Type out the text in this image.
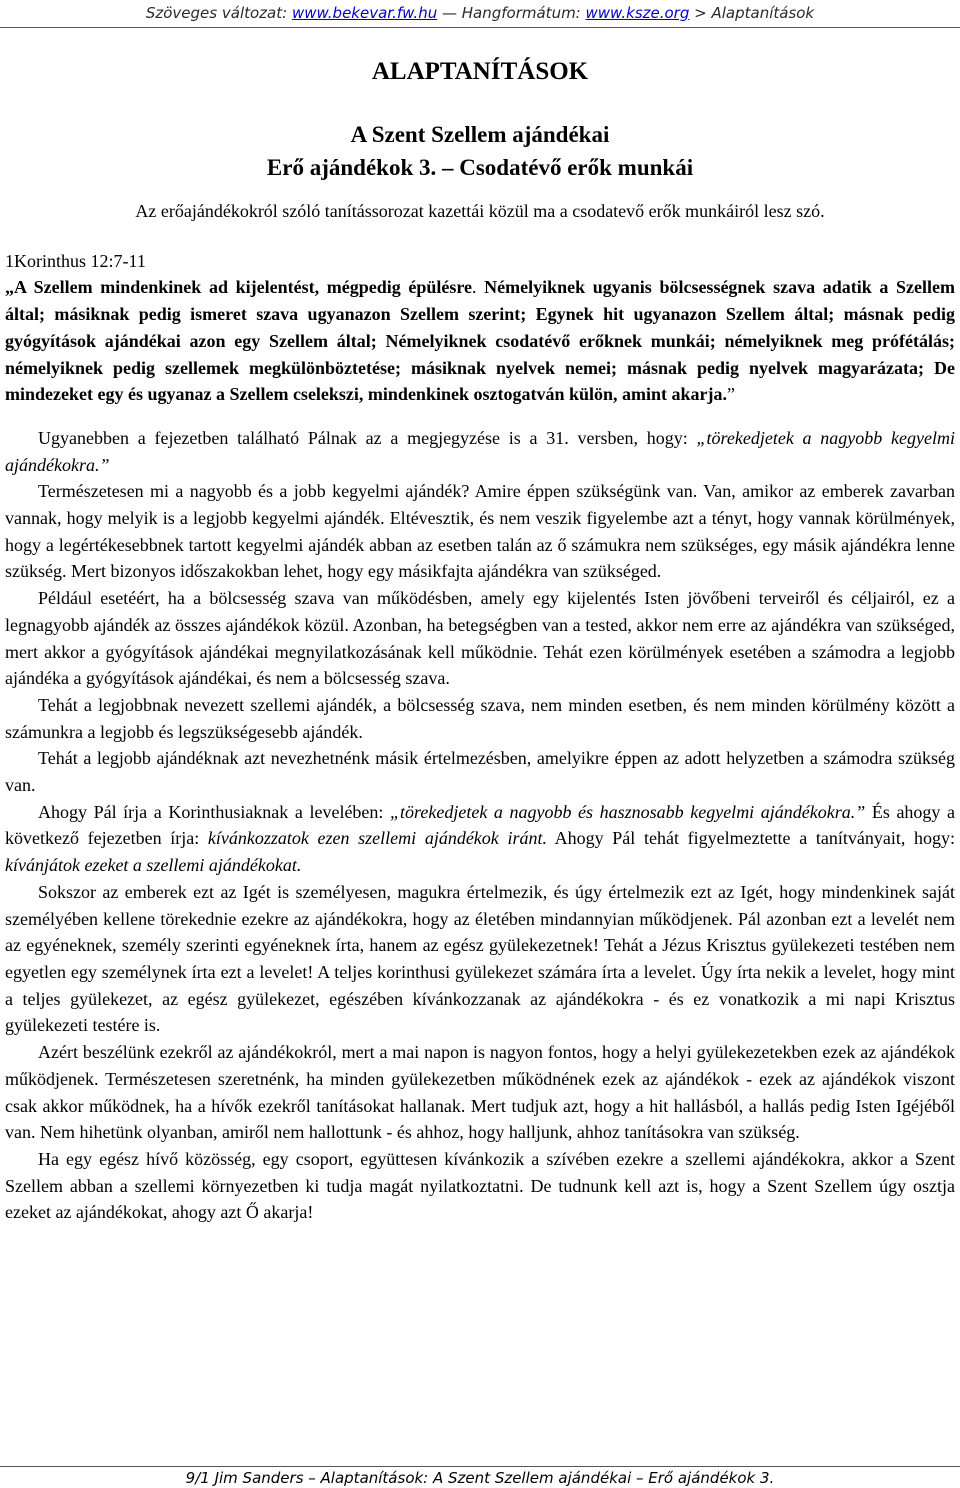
Szöveges változat: www.bekevar.fw.hu — Hangformátum: www.ksze.org > Alaptanítások
ALAPTANÍTÁSOK
A Szent Szellem ajándékai
Erő ajándékok 3. – Csodatévő erők munkái
Az erőajándékokról szóló tanítássorozat kazettái közül ma a csodatevő erők munkáiról lesz szó.
1Korinthus 12:7-11
„A Szellem mindenkinek ad kijelentést, mégpedig épülésre. Némelyiknek ugyanis bölcsességnek szava adatik a Szellem által; másiknak pedig ismeret szava ugyanazon Szellem szerint; Egynek hit ugyanazon Szellem által; másnak pedig gyógyítások ajándékai azon egy Szellem által; Némelyiknek csodatévő erőknek munkái; némelyiknek meg prófétálás; némelyiknek pedig szellemek megkülönböztetése; másiknak nyelvek nemei; másnak pedig nyelvek magyarázata; De mindezeket egy és ugyanaz a Szellem cselekszi, mindenkinek osztogatván külön, amint akarja.”

Ugyanebben a fejezetben található Pálnak az a megjegyzése is a 31. versben, hogy: „törekedjetek a nagyobb kegyelmi ajándékokra.”

Természetesen mi a nagyobb és a jobb kegyelmi ajándék? Amire éppen szükségünk van. Van, amikor az emberek zavarban vannak, hogy melyik is a legjobb kegyelmi ajándék. Eltévesztik, és nem veszik figyelembe azt a tényt, hogy vannak körülmények, hogy a legértékesebbnek tartott kegyelmi ajándék abban az esetben talán az ő számukra nem szükséges, egy másik ajándékra lenne szükség. Mert bizonyos időszakokban lehet, hogy egy másikfajta ajándékra van szükséged.

Például esetéért, ha a bölcsesség szava van működésben, amely egy kijelentés Isten jövőbeni terveiről és céljairól, ez a legnagyobb ajándék az összes ajándékok közül. Azonban, ha betegségben van a tested, akkor nem erre az ajándékra van szükséged, mert akkor a gyógyítások ajándékai megnyilatkozásának kell működnie. Tehát ezen körülmények esetében a számodra a legjobb ajándéka a gyógyítások ajándékai, és nem a bölcsesség szava.

Tehát a legjobbnak nevezett szellemi ajándék, a bölcsesség szava, nem minden esetben, és nem minden körülmény között a számunkra a legjobb és legszükségesebb ajándék.

Tehát a legjobb ajándéknak azt nevezhetnénk másik értelmezésben, amelyikre éppen az adott helyzetben a számodra szükség van.

Ahogy Pál írja a Korinthusiaknak a levelében: „törekedjetek a nagyobb és hasznosabb kegyelmi ajándékokra.” És ahogy a következő fejezetben írja: kívánkozzatok ezen szellemi ajándékok iránt. Ahogy Pál tehát figyelmeztette a tanítványait, hogy: kívánjátok ezeket a szellemi ajándékokat.

Sokszor az emberek ezt az Igét is személyesen, magukra értelmezik, és úgy értelmezik ezt az Igét, hogy mindenkinek saját személyében kellene törekednie ezekre az ajándékokra, hogy az életében mindannyian működjenek. Pál azonban ezt a levelét nem az egyéneknek, személy szerinti egyéneknek írta, hanem az egész gyülekezetnek! Tehát a Jézus Krisztus gyülekezeti testében nem egyetlen egy személynek írta ezt a levelet! A teljes korinthusi gyülekezet számára írta a levelet. Úgy írta nekik a levelet, hogy mint a teljes gyülekezet, az egész gyülekezet, egészében kívánkozzanak az ajándékokra - és ez vonatkozik a mi napi Krisztus gyülekezeti testére is.

Azért beszélünk ezekről az ajándékokról, mert a mai napon is nagyon fontos, hogy a helyi gyülekezetekben ezek az ajándékok működjenek. Természetesen szeretnénk, ha minden gyülekezetben működnének ezek az ajándékok - ezek az ajándékok viszont csak akkor működnek, ha a hívők ezekről tanításokat hallanak. Mert tudjuk azt, hogy a hit hallásból, a hallás pedig Isten Igéjéből van. Nem hihetünk olyanban, amiről nem hallottunk - és ahhoz, hogy halljunk, ahhoz tanításokra van szükség.

Ha egy egész hívő közösség, egy csoport, együttesen kívánkozik a szívében ezekre a szellemi ajándékokra, akkor a Szent Szellem abban a szellemi környezetben ki tudja magát nyilatkoztatni. De tudnunk kell azt is, hogy a Szent Szellem úgy osztja ezeket az ajándékokat, ahogy azt Ő akarja!

9/1 Jim Sanders – Alaptanítások: A Szent Szellem ajándékai – Erő ajándékok 3.
